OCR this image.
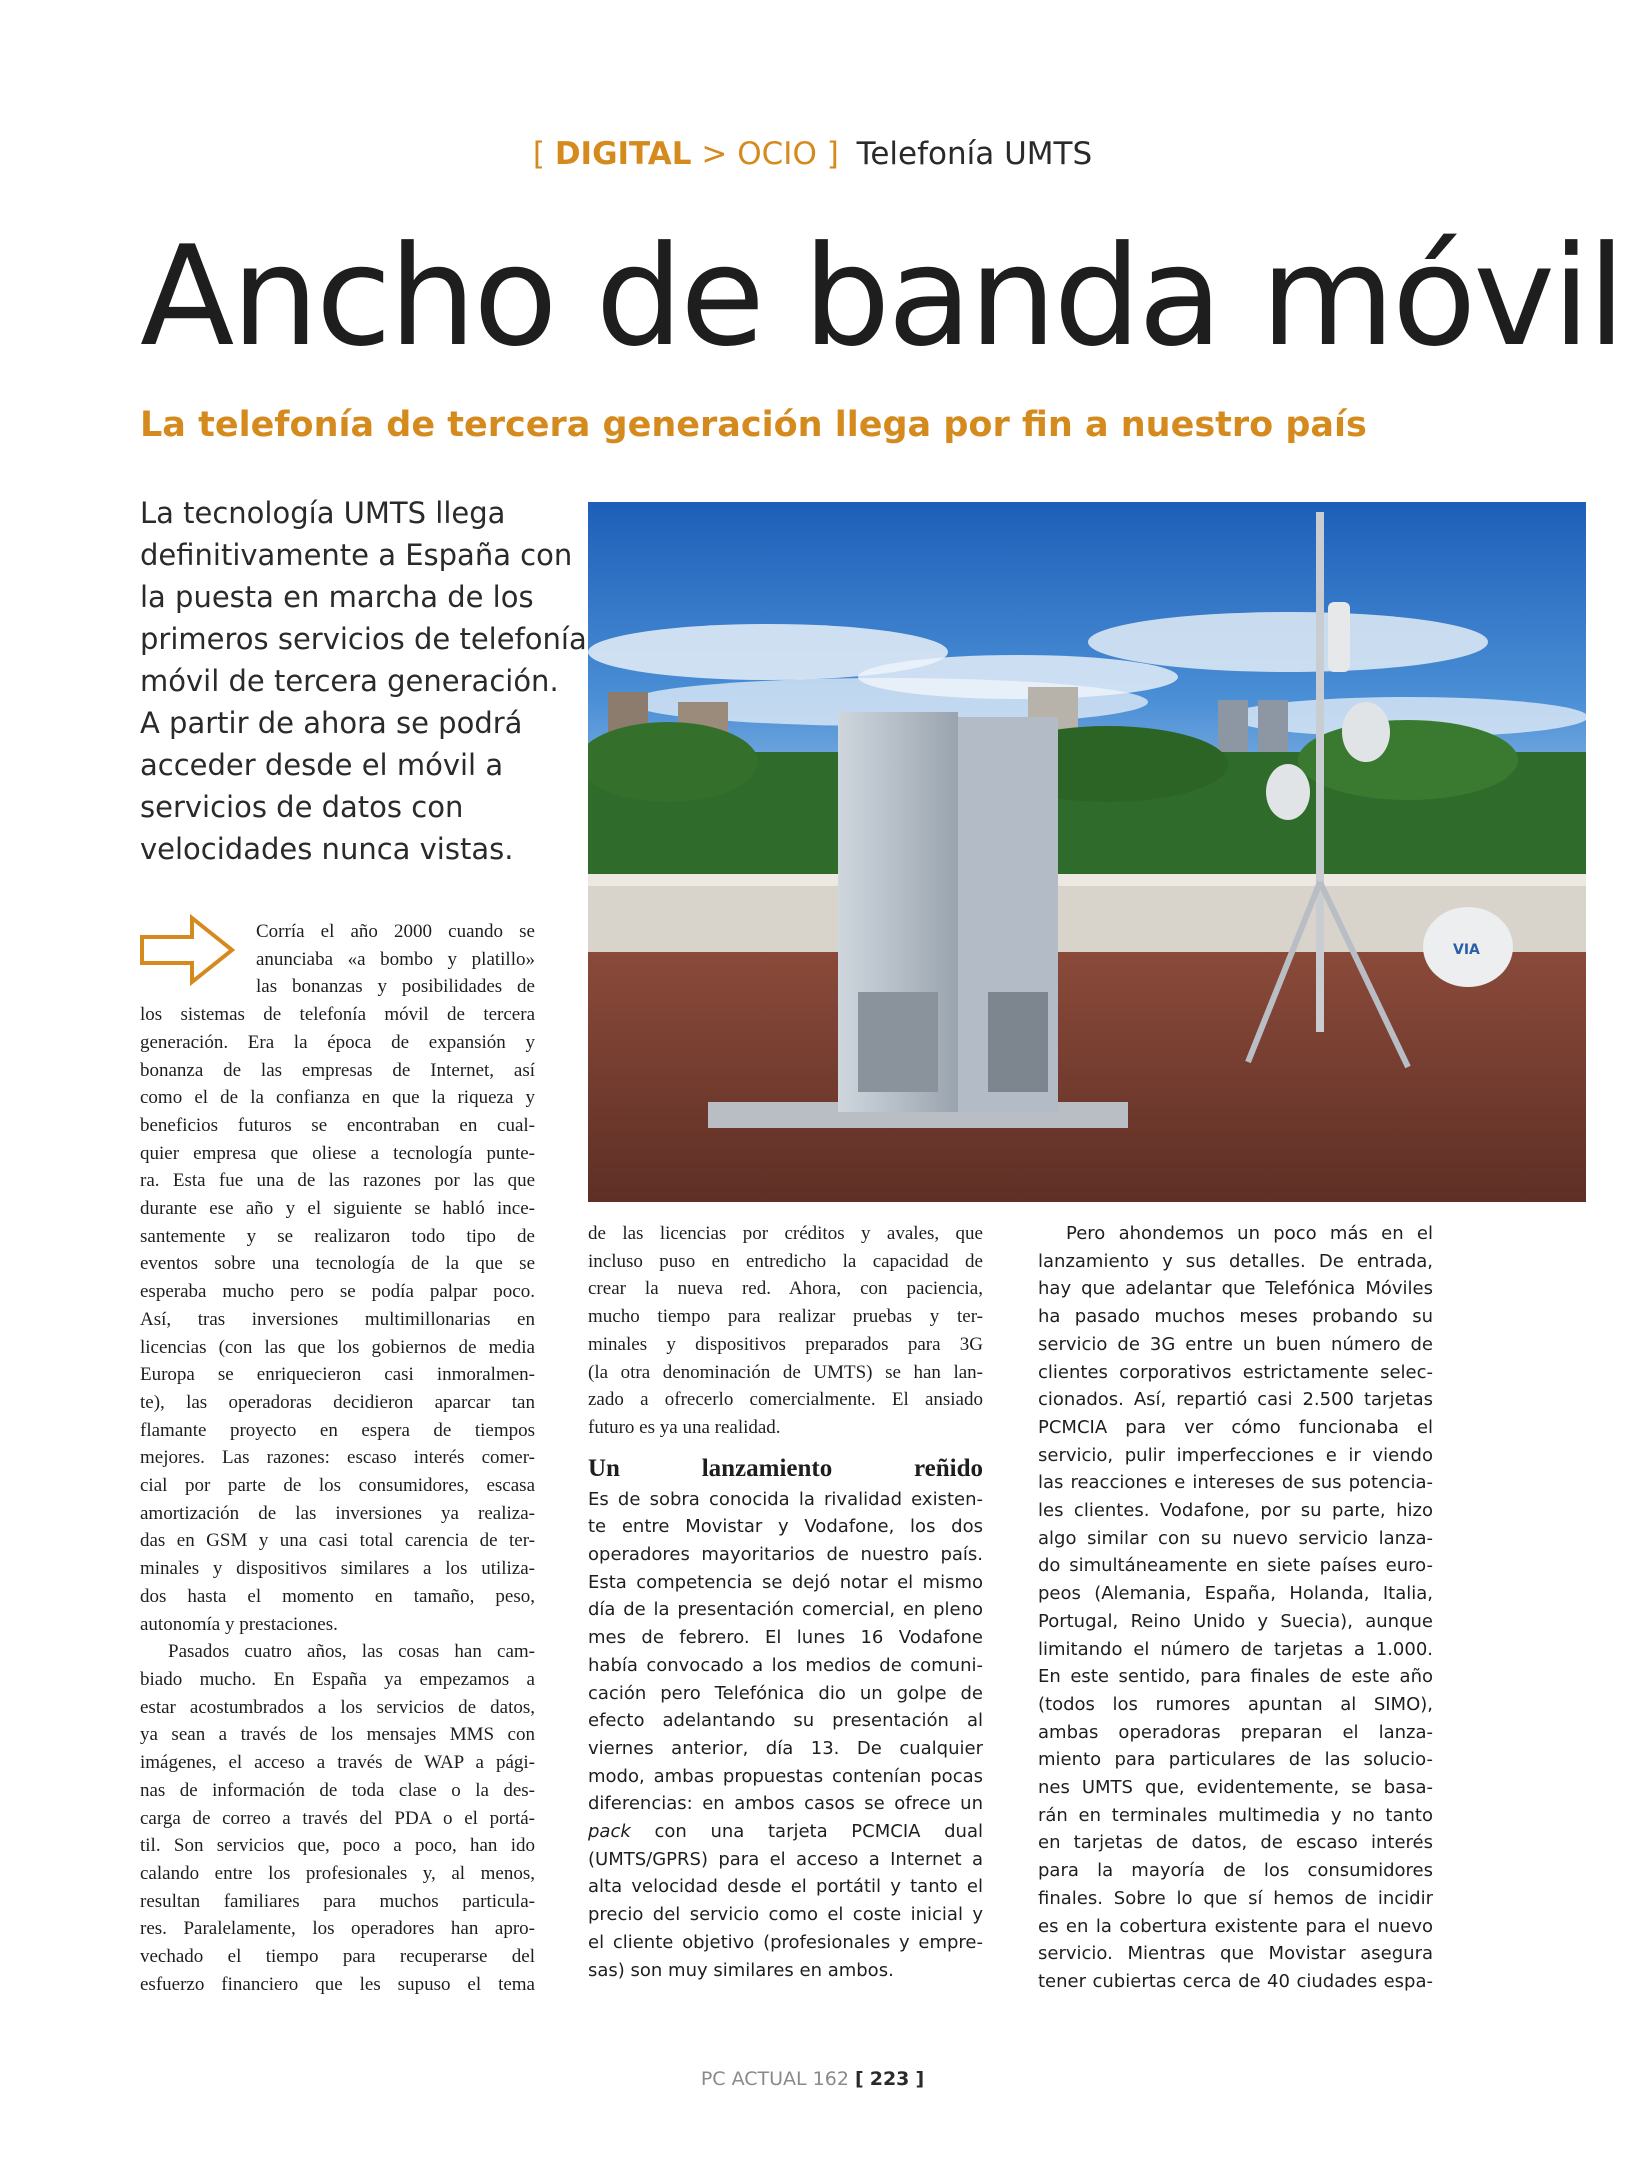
[ DIGITAL > OCIO ] Telefonía UMTS
Ancho de banda móvil
La telefonía de tercera generación llega por fin a nuestro país
La tecnología UMTS llega
definitivamente a España con
la puesta en marcha de los
primeros servicios de telefonía
móvil de tercera generación.
A partir de ahora se podrá
acceder desde el móvil a
servicios de datos con
velocidades nunca vistas.
VIA
Corría el año 2000 cuando se
anunciaba «a bombo y platillo»
las bonanzas y posibilidades de
los sistemas de telefonía móvil de tercera
generación. Era la época de expansión y
bonanza de las empresas de Internet, así
como el de la confianza en que la riqueza y
beneficios futuros se encontraban en cual-
quier empresa que oliese a tecnología punte-
ra. Esta fue una de las razones por las que
durante ese año y el siguiente se habló ince-
santemente y se realizaron todo tipo de
eventos sobre una tecnología de la que se
esperaba mucho pero se podía palpar poco.
Así, tras inversiones multimillonarias en
licencias (con las que los gobiernos de media
Europa se enriquecieron casi inmoralmen-
te), las operadoras decidieron aparcar tan
flamante proyecto en espera de tiempos
mejores. Las razones: escaso interés comer-
cial por parte de los consumidores, escasa
amortización de las inversiones ya realiza-
das en GSM y una casi total carencia de ter-
minales y dispositivos similares a los utiliza-
dos hasta el momento en tamaño, peso,
autonomía y prestaciones.
Pasados cuatro años, las cosas han cam-
biado mucho. En España ya empezamos a
estar acostumbrados a los servicios de datos,
ya sean a través de los mensajes MMS con
imágenes, el acceso a través de WAP a pági-
nas de información de toda clase o la des-
carga de correo a través del PDA o el portá-
til. Son servicios que, poco a poco, han ido
calando entre los profesionales y, al menos,
resultan familiares para muchos particula-
res. Paralelamente, los operadores han apro-
vechado el tiempo para recuperarse del
esfuerzo financiero que les supuso el tema
de las licencias por créditos y avales, que
incluso puso en entredicho la capacidad de
crear la nueva red. Ahora, con paciencia,
mucho tiempo para realizar pruebas y ter-
minales y dispositivos preparados para 3G
(la otra denominación de UMTS) se han lan-
zado a ofrecerlo comercialmente. El ansiado
futuro es ya una realidad.
Un lanzamiento reñido
Es de sobra conocida la rivalidad existen-
te entre Movistar y Vodafone, los dos
operadores mayoritarios de nuestro país.
Esta competencia se dejó notar el mismo
día de la presentación comercial, en pleno
mes de febrero. El lunes 16 Vodafone
había convocado a los medios de comuni-
cación pero Telefónica dio un golpe de
efecto adelantando su presentación al
viernes anterior, día 13. De cualquier
modo, ambas propuestas contenían pocas
diferencias: en ambos casos se ofrece un
pack con una tarjeta PCMCIA dual
(UMTS/GPRS) para el acceso a Internet a
alta velocidad desde el portátil y tanto el
precio del servicio como el coste inicial y
el cliente objetivo (profesionales y empre-
sas) son muy similares en ambos.
Pero ahondemos un poco más en el
lanzamiento y sus detalles. De entrada,
hay que adelantar que Telefónica Móviles
ha pasado muchos meses probando su
servicio de 3G entre un buen número de
clientes corporativos estrictamente selec-
cionados. Así, repartió casi 2.500 tarjetas
PCMCIA para ver cómo funcionaba el
servicio, pulir imperfecciones e ir viendo
las reacciones e intereses de sus potencia-
les clientes. Vodafone, por su parte, hizo
algo similar con su nuevo servicio lanza-
do simultáneamente en siete países euro-
peos (Alemania, España, Holanda, Italia,
Portugal, Reino Unido y Suecia), aunque
limitando el número de tarjetas a 1.000.
En este sentido, para finales de este año
(todos los rumores apuntan al SIMO),
ambas operadoras preparan el lanza-
miento para particulares de las solucio-
nes UMTS que, evidentemente, se basa-
rán en terminales multimedia y no tanto
en tarjetas de datos, de escaso interés
para la mayoría de los consumidores
finales. Sobre lo que sí hemos de incidir
es en la cobertura existente para el nuevo
servicio. Mientras que Movistar asegura
tener cubiertas cerca de 40 ciudades espa-
PC ACTUAL 162 [ 223 ]
